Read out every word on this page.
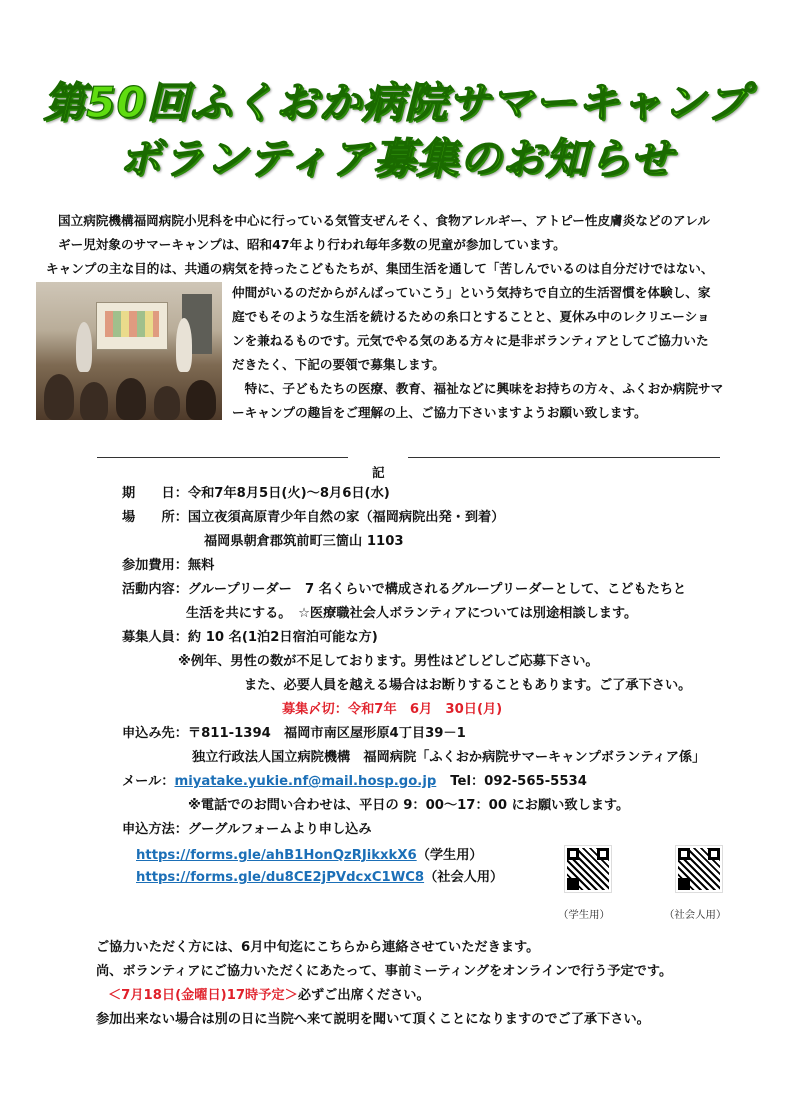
第50回ふくおか病院サマーキャンプ
ボランティア募集のお知らせ
国立病院機構福岡病院小児科を中心に行っている気管支ぜんそく、食物アレルギー、アトピー性皮膚炎などのアレル
ギー児対象のサマーキャンプは、昭和47年より行われ毎年多数の児童が参加しています。
キャンプの主な目的は、共通の病気を持ったこどもたちが、集団生活を通して「苦しんでいるのは自分だけではない、
仲間がいるのだからがんばっていこう」という気持ちで自立的生活習慣を体験し、家
庭でもそのような生活を続けるための糸口とすることと、夏休み中のレクリエーショ
ンを兼ねるものです。元気でやる気のある方々に是非ボランティアとしてご協力いた
だきたく、下記の要領で募集します。
　特に、子どもたちの医療、教育、福祉などに興味をお持ちの方々、ふくおか病院サマ
ーキャンプの趣旨をご理解の上、ご協力下さいますようお願い致します。
記
期　　日：令和7年8月5日(火)～8月6日(水)
場　　所：国立夜須高原青少年自然の家（福岡病院出発・到着）
福岡県朝倉郡筑前町三箇山 1103
参加費用：無料
活動内容：グループリーダー　7 名くらいで構成されるグループリーダーとして、こどもたちと
生活を共にする。　☆医療職社会人ボランティアについては別途相談します。
募集人員：約 10 名(1泊2日宿泊可能な方)
※例年、男性の数が不足しております。男性はどしどしご応募下さい。
また、必要人員を越える場合はお断りすることもあります。ご了承下さい。
募集〆切：令和7年　6月　30日(月)
申込み先：〒811-1394　福岡市南区屋形原4丁目39－1
独立行政法人国立病院機構　福岡病院「ふくおか病院サマーキャンプボランティア係」
メール：miyatake.yukie.nf@mail.hosp.go.jp Tel：092-565-5534
※電話でのお問い合わせは、平日の 9：00～17：00 にお願い致します。
申込方法：グーグルフォームより申し込み
https://forms.gle/ahB1HonQzRJikxkX6（学生用）
https://forms.gle/du8CE2jPVdcxC1WC8（社会人用）
（学生用）	（社会人用）
ご協力いただく方には、6月中旬迄にこちらから連絡させていただきます。
尚、ボランティアにご協力いただくにあたって、事前ミーティングをオンラインで行う予定です。
＜7月18日(金曜日)17時予定＞必ずご出席ください。
参加出来ない場合は別の日に当院へ来て説明を聞いて頂くことになりますのでご了承下さい。
